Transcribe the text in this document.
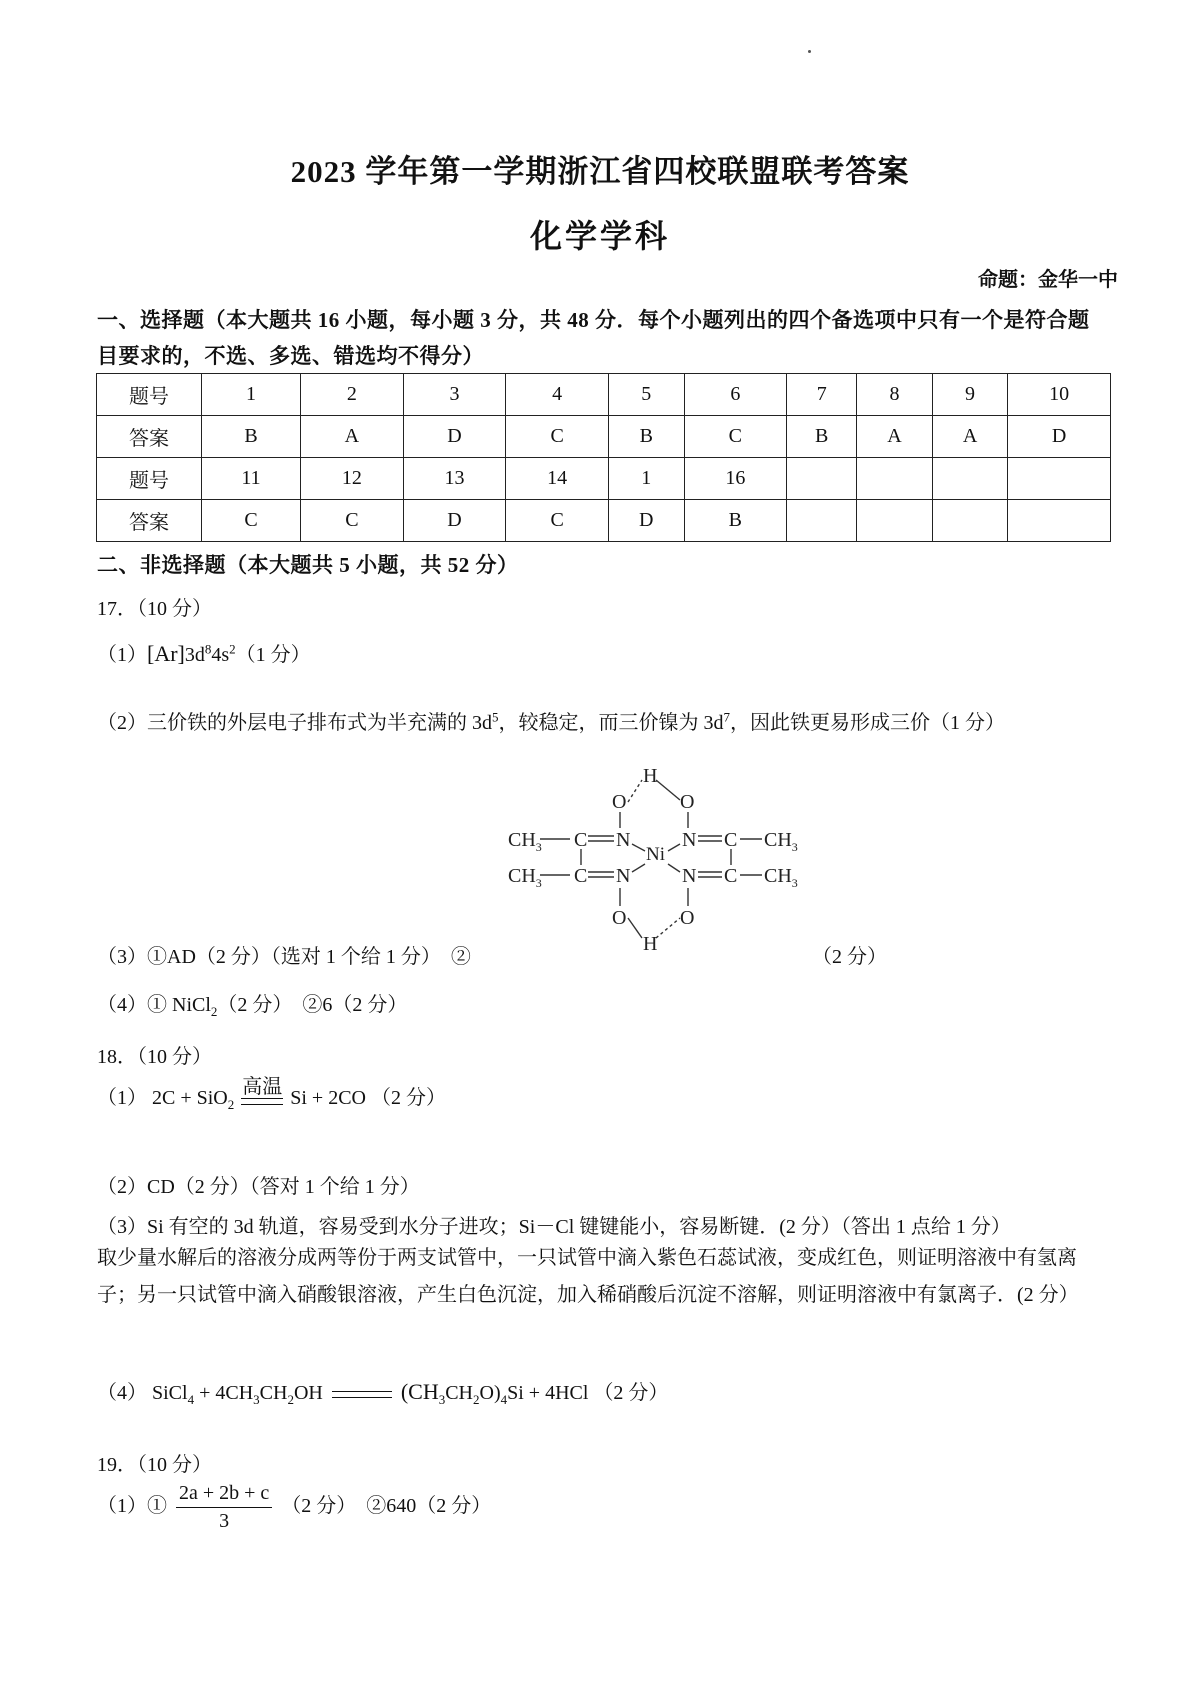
2023 学年第一学期浙江省四校联盟联考答案
化学学科
命题：金华一中
一、选择题（本大题共 16 小题，每小题 3 分，共 48 分．每个小题列出的四个备选项中只有一个是符合题目要求的，不选、多选、错选均不得分）
题号	1	2	3	4	5	6	7	8	9	10
答案	B	A	D	C	B	C	B	A	A	D
题号	11	12	13	14	1	16				
答案	C	C	D	C	D	B				
二、非选择题（本大题共 5 小题，共 52 分）
17．（10 分）
$(1)[Ar]3d^84s^2(1$ 分）
（2）三价铁的外层电子排布式为半充满的 $3d^5$，较稳定，而三价镍为 $3d^7$，因此铁更易形成三价（1 分）
H
O	O
$CH_3$ C N
Ni
N C $CH_3$
$CH_3$ C N	N C $CH_3$
O	O
H
（3）①AD（2 分）（选对 1 个给 1 分）　②	（2 分）
（4）① NiCl$_2$（2 分）　②6（2 分）
18．（10 分）
（1） 2C + SiO$_2$
高温 Si + 2CO （2 分）
（2）CD（2 分）（答对 1 个给 1 分）
（3）Si 有空的 3d 轨道，容易受到水分子进攻；Si－Cl 键键能小，容易断键．(2 分）（答出 1 点给 1 分）
取少量水解后的溶液分成两等份于两支试管中，一只试管中滴入紫色石蕊试液，变成红色，则证明溶液中有氢离子；另一只试管中滴入硝酸银溶液，产生白色沉淀，加入稀硝酸后沉淀不溶解，则证明溶液中有氯离子．(2 分）
（4） SiCl$_4$ + $4CH_3CH_2OH$	$(CH_3CH_2O)_4Si + 4HCl$ （2 分）
19．（10 分）
（1）① $\frac{2a + 2b + c}{3} (2$ 分）　②640（2 分）
